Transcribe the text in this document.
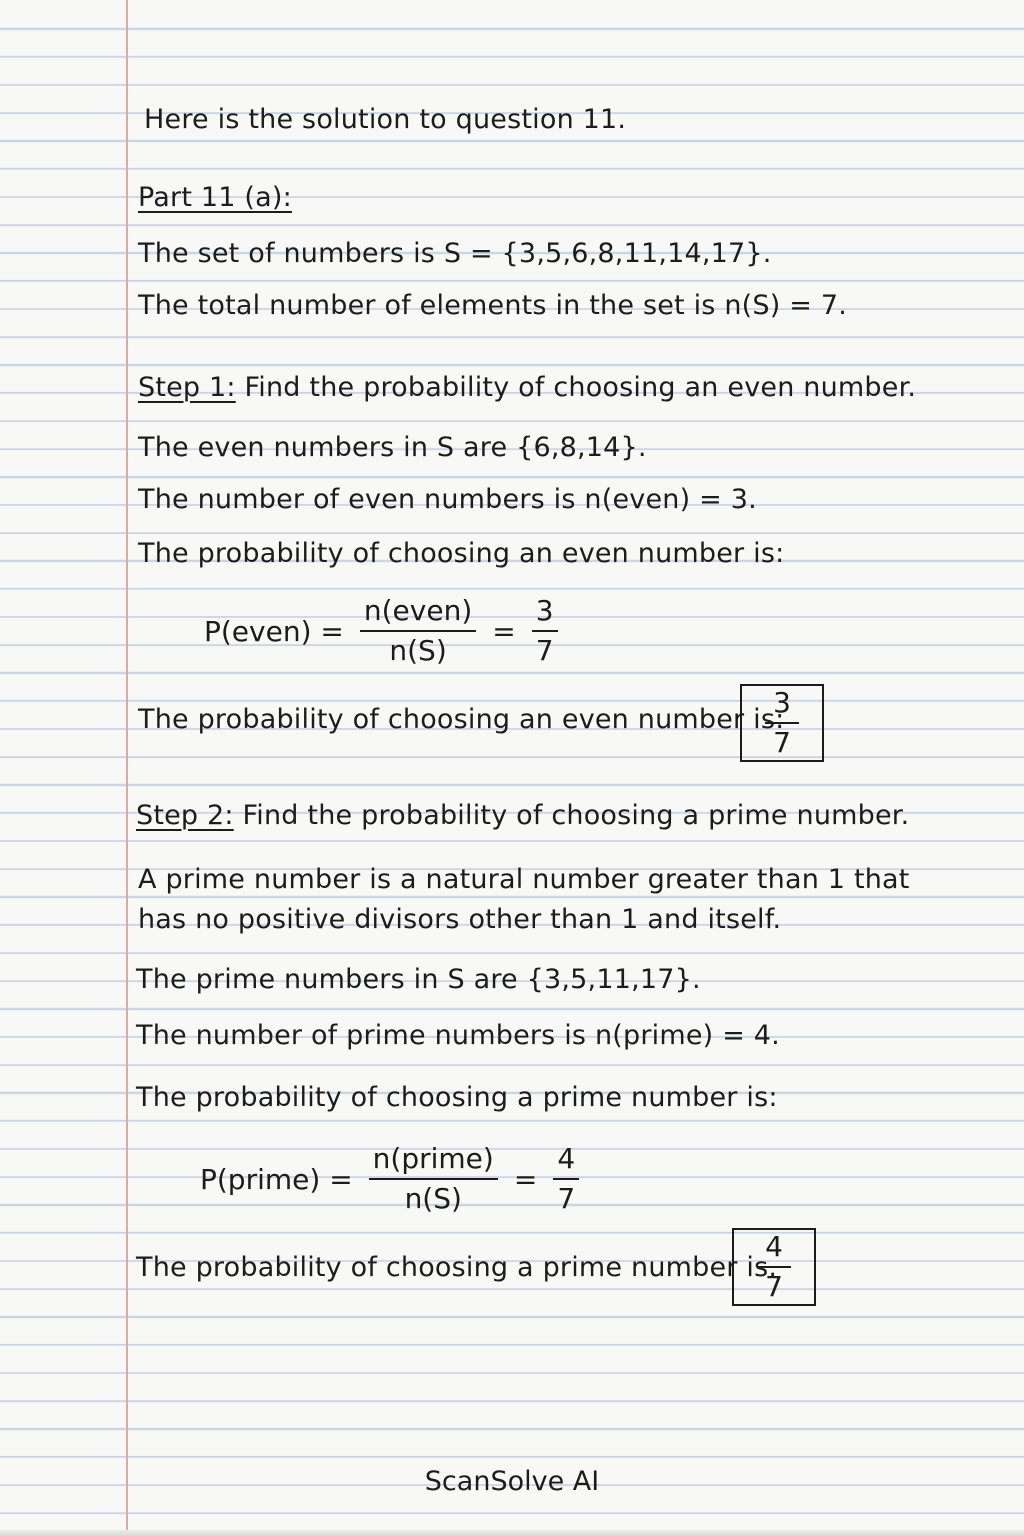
Here is the solution to question 11.
Part 11 (a):
The set of numbers is S = {3,5,6,8,11,14,17}.
The total number of elements in the set is n(S) = 7.
Step 1: Find the probability of choosing an even number.
The even numbers in S are {6,8,14}.
The number of even numbers is n(even) = 3.
The probability of choosing an even number is:
P(even) = $\frac{\text{n(even)}}{n(S)} = \frac{3}{7}$
The probability of choosing an even number is:
$\frac{3}{7}$
Step 2: Find the probability of choosing a prime number.
A prime number is a natural number greater than 1 that
has no positive divisors other than 1 and itself.
The prime numbers in S are {3,5,11,17}.
The number of prime numbers is n(prime) = 4.
The probability of choosing a prime number is:
P(prime) = $\frac{\text{n(prime)}}{n(S)} = \frac{4}{7}$
The probability of choosing a prime number is.
$\frac{4}{7}$
ScanSolve AI
